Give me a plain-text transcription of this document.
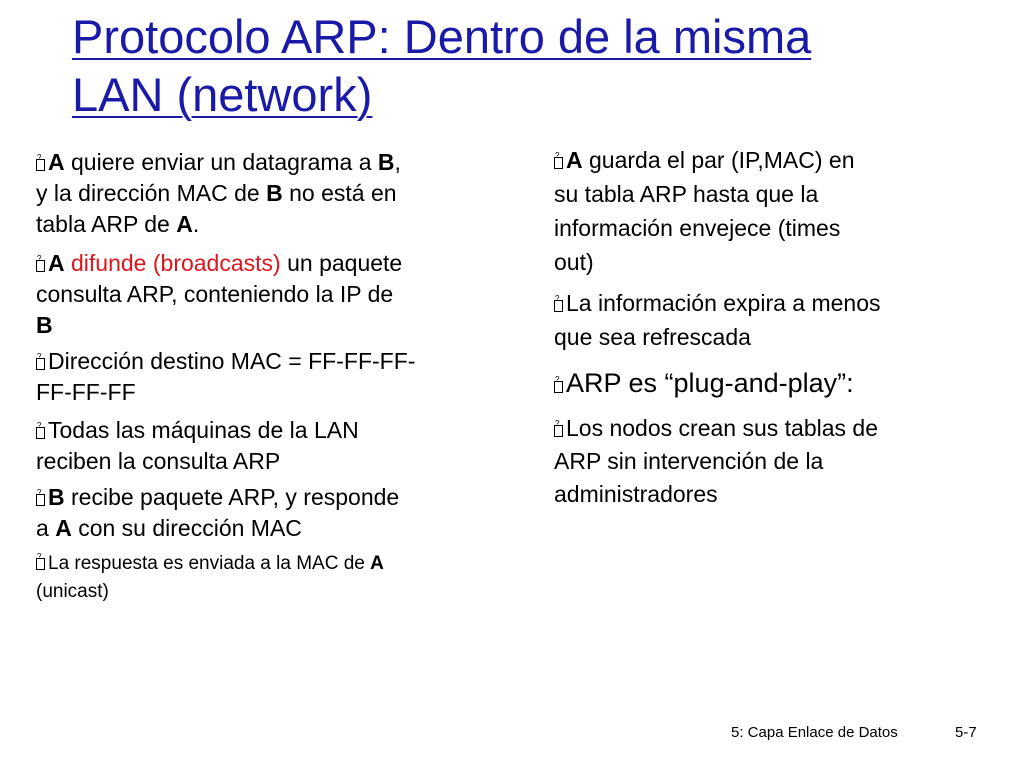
Protocolo ARP: Dentro de la misma
LAN (network)

?A quiere enviar un datagrama a B,
y la dirección MAC de B no está en
tabla ARP de A.

?A difunde (broadcasts) un paquete
consulta ARP, conteniendo la IP de
B

?Dirección destino MAC = FF-FF-FF-
FF-FF-FF

?Todas las máquinas de la LAN
reciben la consulta ARP

?B recibe paquete ARP, y responde
a A con su dirección MAC

?La respuesta es enviada a la MAC de A
(unicast)

?A guarda el par (IP,MAC) en
su tabla ARP hasta que la
información envejece (times
out)

?La información expira a menos
que sea refrescada

?ARP es “plug-and-play”:

?Los nodos crean sus tablas de
ARP sin intervención de la
administradores

5: Capa Enlace de Datos	5-7
